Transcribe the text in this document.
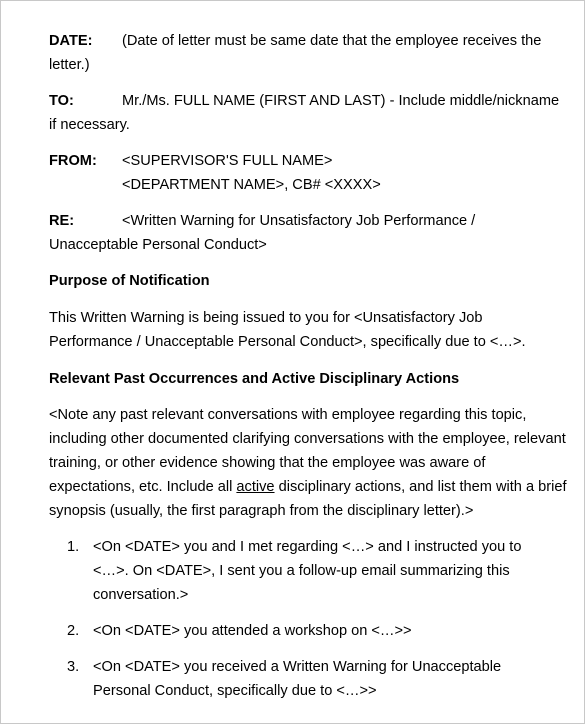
DATE: (Date of letter must be same date that the employee receives the
letter.)
TO:	Mr./Ms. FULL NAME (FIRST AND LAST) - Include middle/nickname
if necessary.
FROM: <SUPERVISOR'S FULL NAME>
<DEPARTMENT NAME>, CB# <XXXX>
RE:	<Written Warning for Unsatisfactory Job Performance /
Unacceptable Personal Conduct>
Purpose of Notification
This Written Warning is being issued to you for <Unsatisfactory Job
Performance / Unacceptable Personal Conduct>, specifically due to <…>.
Relevant Past Occurrences and Active Disciplinary Actions
<Note any past relevant conversations with employee regarding this topic,
including other documented clarifying conversations with the employee, relevant
training, or other evidence showing that the employee was aware of
expectations, etc. Include all active disciplinary actions, and list them with a brief
synopsis (usually, the first paragraph from the disciplinary letter).>
1. <On <DATE> you and I met regarding <…> and I instructed you to
<…>. On <DATE>, I sent you a follow-up email summarizing this
conversation.>
2. <On <DATE> you attended a workshop on <…>>
3. <On <DATE> you received a Written Warning for Unacceptable
Personal Conduct, specifically due to <…>>
